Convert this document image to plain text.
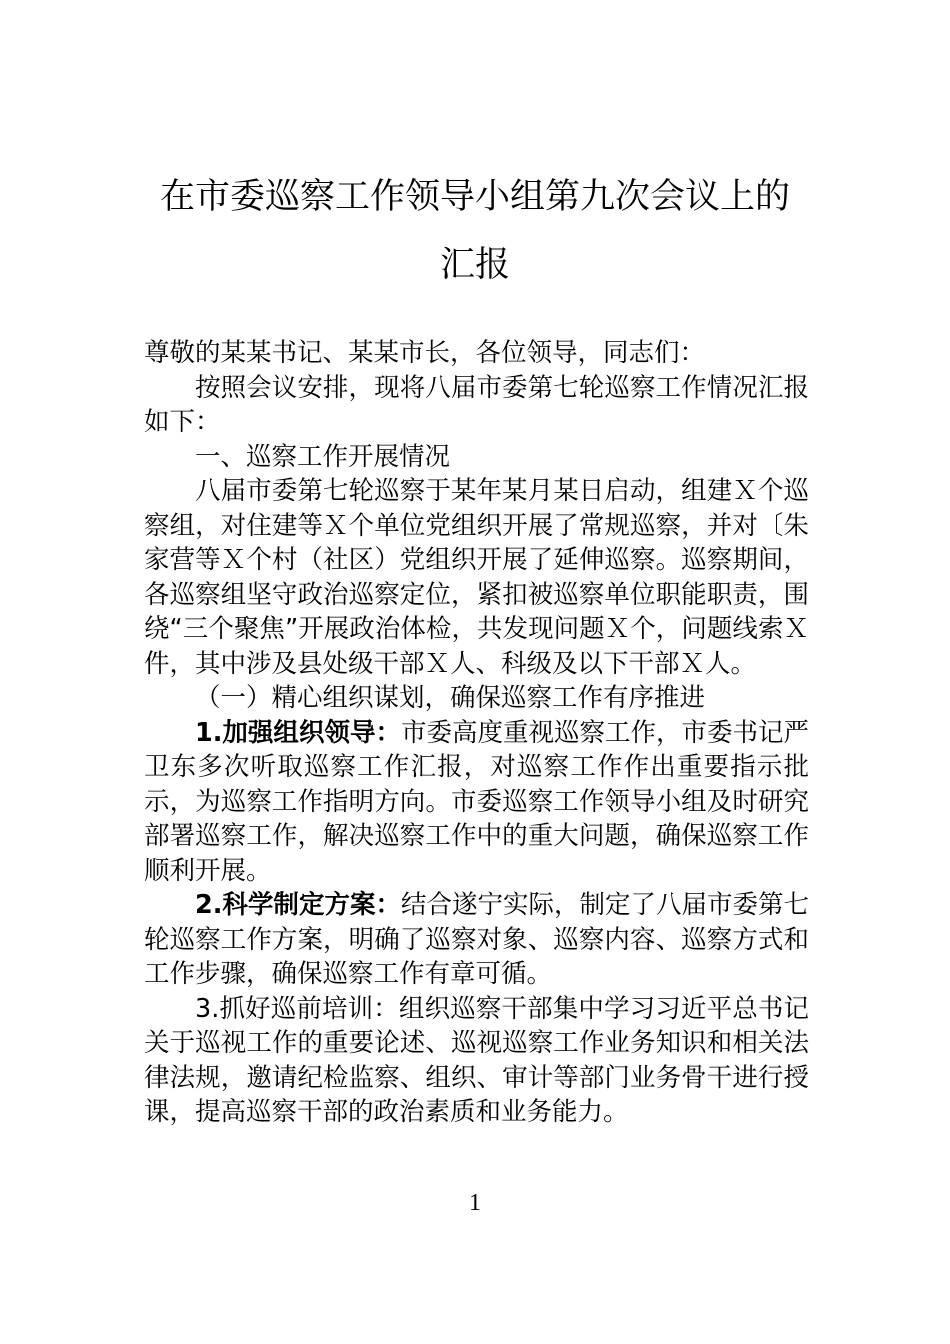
在市委巡察工作领导小组第九次会议上的
汇报

尊敬的某某书记、某某市长，各位领导，同志们：

按照会议安排，现将八届市委第七轮巡察工作情况汇报如下：

一、巡察工作开展情况

八届市委第七轮巡察于某年某月某日启动，组建Ｘ个巡察组，对住建等Ｘ个单位党组织开展了常规巡察，并对〔朱家营等Ｘ个村（社区）党组织开展了延伸巡察。巡察期间，各巡察组坚守政治巡察定位，紧扣被巡察单位职能职责，围绕“三个聚焦”开展政治体检，共发现问题Ｘ个，问题线索Ｘ件，其中涉及县处级干部Ｘ人、科级及以下干部Ｘ人。

（一）精心组织谋划，确保巡察工作有序推进

1.加强组织领导：市委高度重视巡察工作，市委书记严卫东多次听取巡察工作汇报，对巡察工作作出重要指示批示，为巡察工作指明方向。市委巡察工作领导小组及时研究部署巡察工作，解决巡察工作中的重大问题，确保巡察工作顺利开展。

2.科学制定方案：结合遂宁实际，制定了八届市委第七轮巡察工作方案，明确了巡察对象、巡察内容、巡察方式和工作步骤，确保巡察工作有章可循。

3.抓好巡前培训：组织巡察干部集中学习习近平总书记关于巡视工作的重要论述、巡视巡察工作业务知识和相关法律法规，邀请纪检监察、组织、审计等部门业务骨干进行授课，提高巡察干部的政治素质和业务能力。

1
